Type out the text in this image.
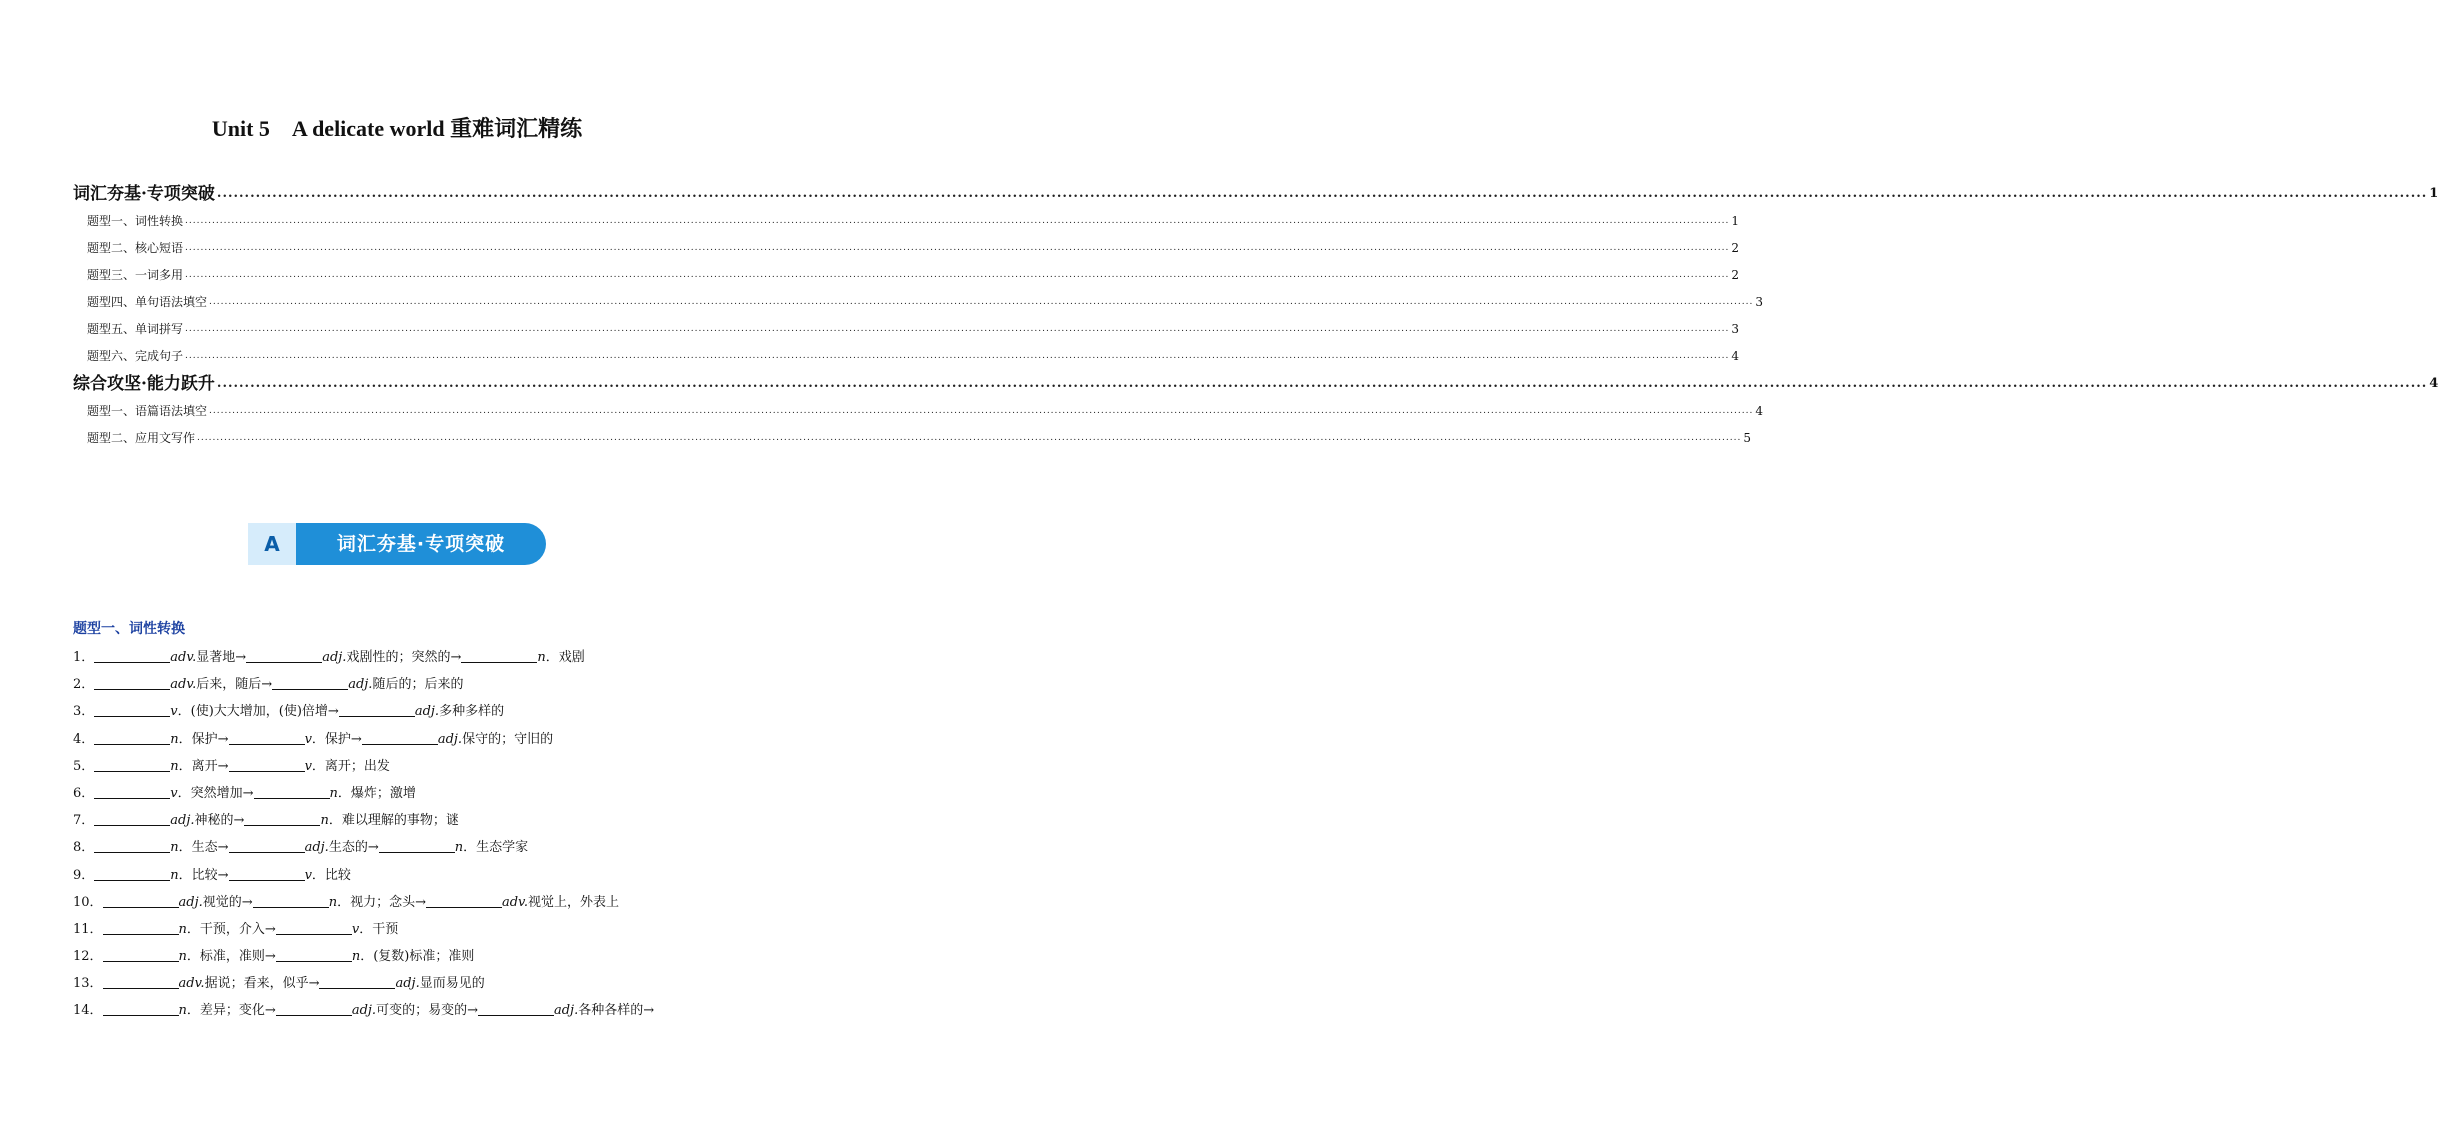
Unit 5　A delicate world 重难词汇精练
词汇夯基·专项突破 ................................................................................................................................................................................................................................................................................................................................................................................................................ 1
题型一、词性转换 ................................................................................................................................................................................................................................................................................................................................................................................................................ 1
题型二、核心短语 ................................................................................................................................................................................................................................................................................................................................................................................................................ 2
题型三、一词多用 ................................................................................................................................................................................................................................................................................................................................................................................................................ 2
题型四、单句语法填空 ................................................................................................................................................................................................................................................................................................................................................................................................................ 3
题型五、单词拼写 ................................................................................................................................................................................................................................................................................................................................................................................................................ 3
题型六、完成句子 ................................................................................................................................................................................................................................................................................................................................................................................................................ 4
综合攻坚·能力跃升 ................................................................................................................................................................................................................................................................................................................................................................................................................ 4
题型一、语篇语法填空 ................................................................................................................................................................................................................................................................................................................................................................................................................ 4
题型二、应用文写作 ................................................................................................................................................................................................................................................................................................................................................................................................................ 5
A	词汇夯基·专项突破
题型一、词性转换
1．	adv.显著地→	adj.戏剧性的；突然的→	n．戏剧
2．	adv.后来，随后→	adj.随后的；后来的
3．	v．(使)大大增加，(使)倍增→	adj.多种多样的
4．	n．保护→	v．保护→	adj.保守的；守旧的
5．	n．离开→	v．离开；出发
6．	v．突然增加→	n．爆炸；激增
7．	adj.神秘的→	n．难以理解的事物；谜
8．	n．生态→	adj.生态的→	n．生态学家
9．	n．比较→	v．比较
10．	adj.视觉的→	n．视力；念头→	adv.视觉上，外表上
11．	n．干预，介入→	v．干预
12．	n．标准，准则→	n．(复数)标准；准则
13．	adv.据说；看来，似乎→	adj.显而易见的
14．	n．差异；变化→	adj.可变的；易变的→	adj.各种各样的→
